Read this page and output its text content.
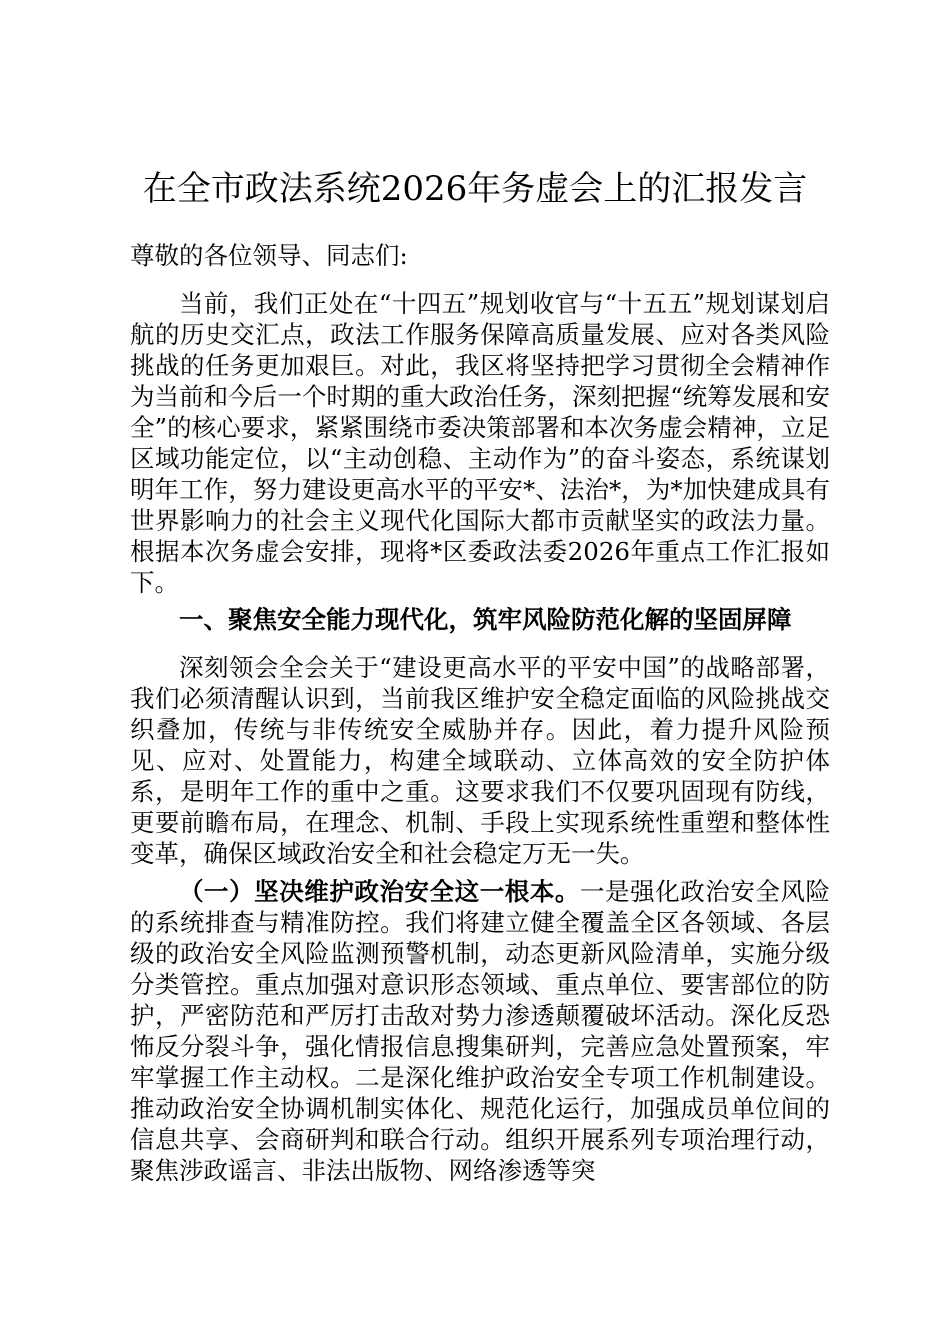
在全市政法系统2026年务虚会上的汇报发言

尊敬的各位领导、同志们:

当前，我们正处在“十四五”规划收官与“十五五”规划谋划启航的历史交汇点，政法工作服务保障高质量发展、应对各类风险挑战的任务更加艰巨。对此，我区将坚持把学习贯彻全会精神作为当前和今后一个时期的重大政治任务，深刻把握“统筹发展和安全”的核心要求，紧紧围绕市委决策部署和本次务虚会精神，立足区域功能定位，以“主动创稳、主动作为”的奋斗姿态，系统谋划明年工作，努力建设更高水平的平安*、法治*，为*加快建成具有世界影响力的社会主义现代化国际大都市贡献坚实的政法力量。根据本次务虚会安排，现将*区委政法委2026年重点工作汇报如下。

一、聚焦安全能力现代化，筑牢风险防范化解的坚固屏障

深刻领会全会关于“建设更高水平的平安中国”的战略部署，我们必须清醒认识到，当前我区维护安全稳定面临的风险挑战交织叠加，传统与非传统安全威胁并存。因此，着力提升风险预见、应对、处置能力，构建全域联动、立体高效的安全防护体系，是明年工作的重中之重。这要求我们不仅要巩固现有防线，更要前瞻布局，在理念、机制、手段上实现系统性重塑和整体性变革，确保区域政治安全和社会稳定万无一失。

（一）坚决维护政治安全这一根本。一是强化政治安全风险的系统排查与精准防控。我们将建立健全覆盖全区各领域、各层级的政治安全风险监测预警机制，动态更新风险清单，实施分级分类管控。重点加强对意识形态领域、重点单位、要害部位的防护，严密防范和严厉打击敌对势力渗透颠覆破坏活动。深化反恐怖反分裂斗争，强化情报信息搜集研判，完善应急处置预案，牢牢掌握工作主动权。二是深化维护政治安全专项工作机制建设。推动政治安全协调机制实体化、规范化运行，加强成员单位间的信息共享、会商研判和联合行动。组织开展系列专项治理行动，聚焦涉政谣言、非法出版物、网络渗透等突
